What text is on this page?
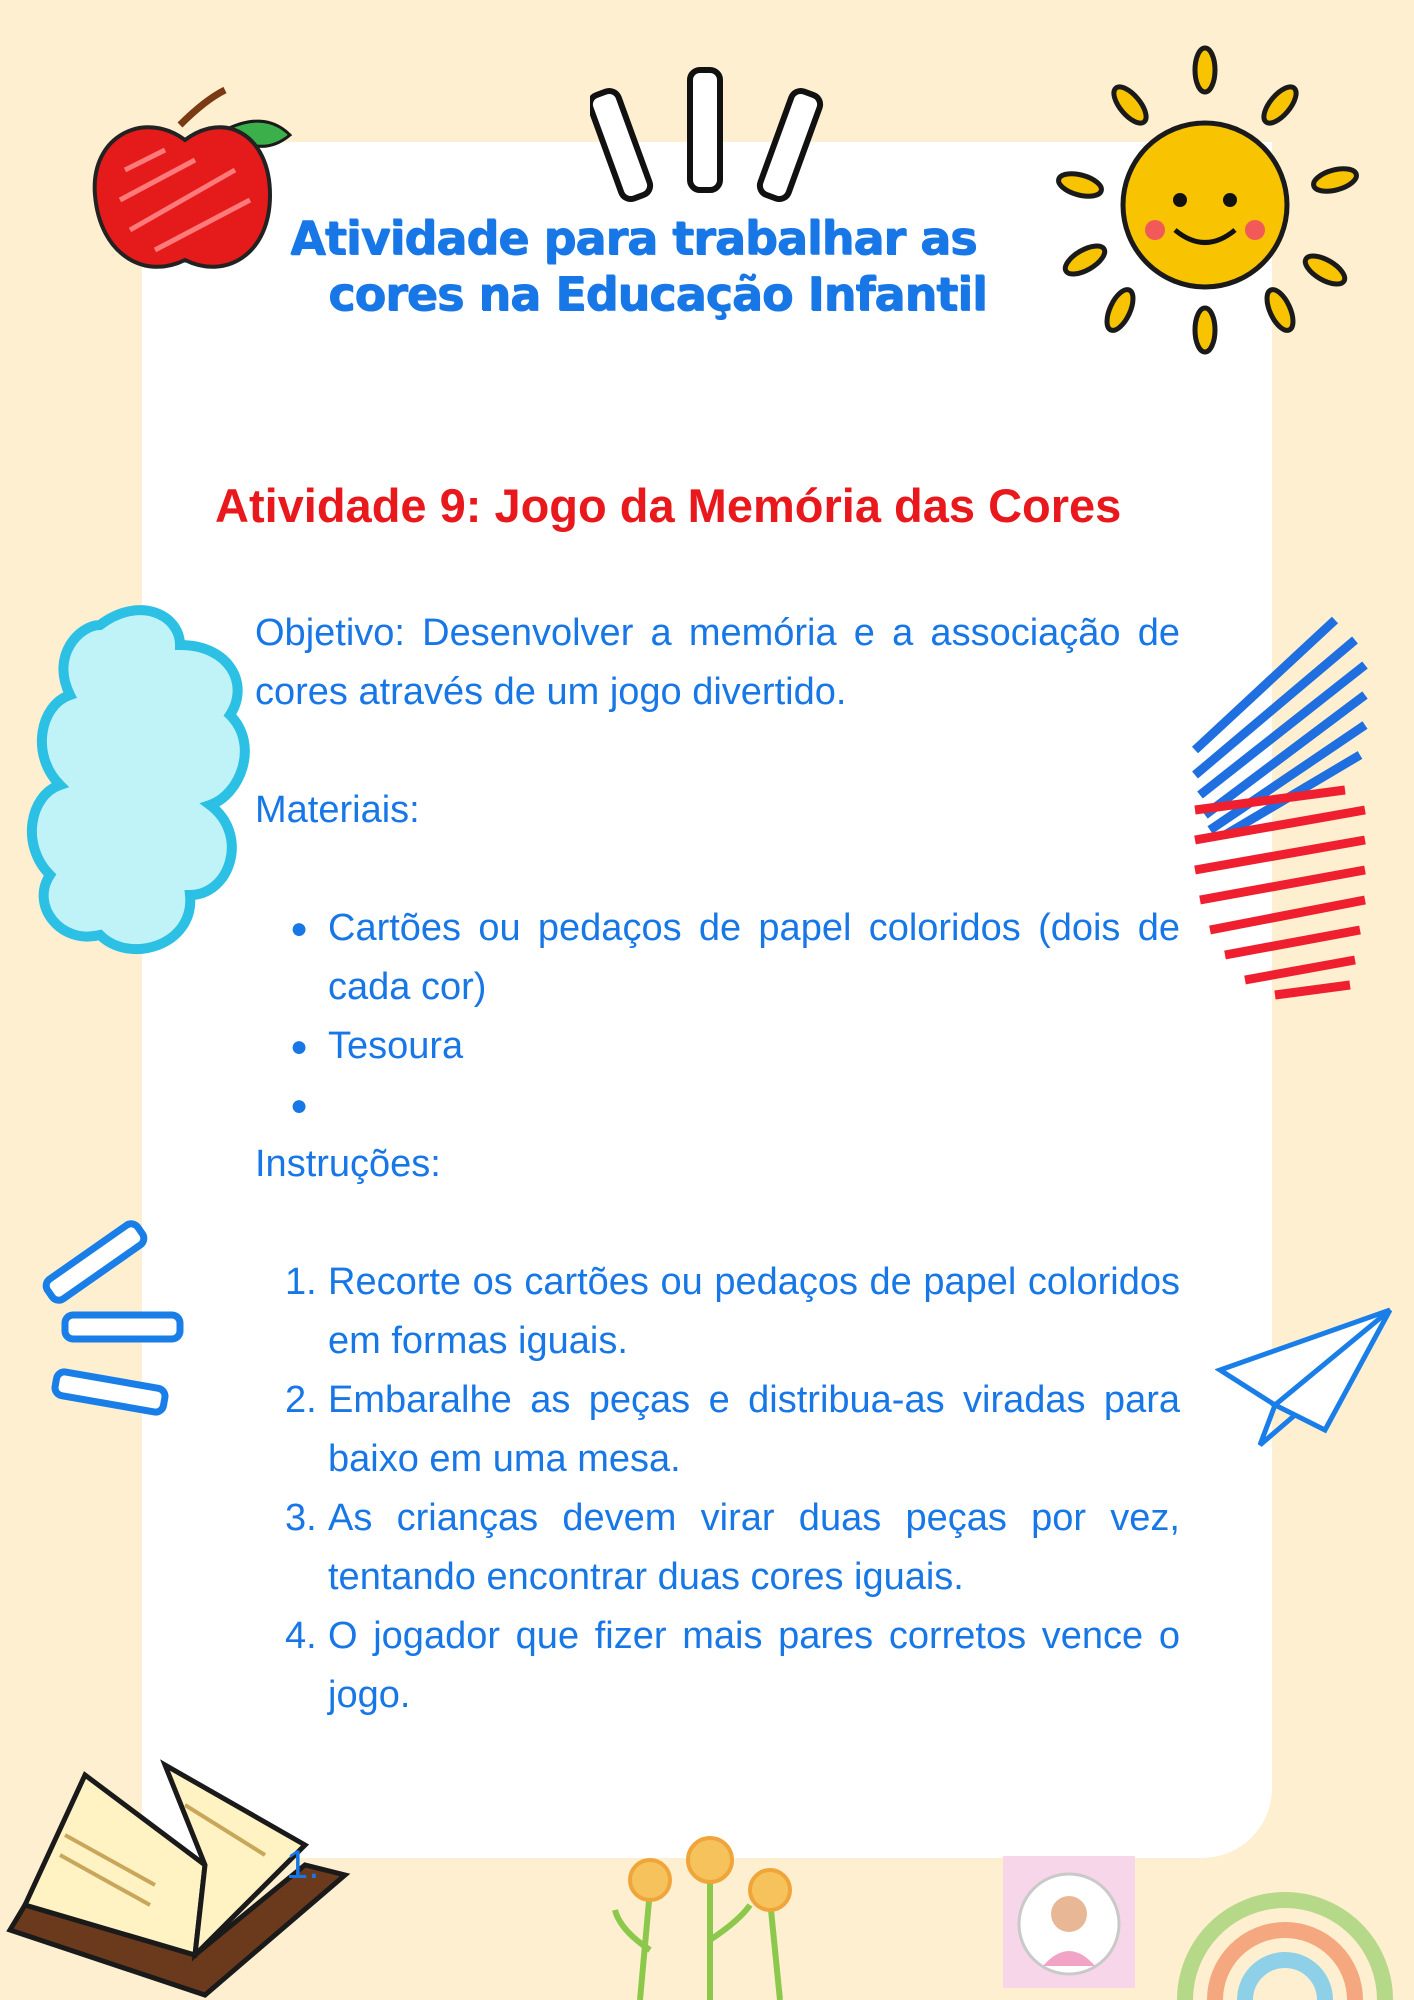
Atividade para trabalhar as
cores na Educação Infantil
Atividade 9: Jogo da Memória das Cores

Objetivo: Desenvolver a memória e a associação de cores através de um jogo divertido.

Materiais:

● Cartões ou pedaços de papel coloridos (dois de cada cor)
● Tesoura
●

Instruções:

1. Recorte os cartões ou pedaços de papel coloridos em formas iguais.
2. Embaralhe as peças e distribua-as viradas para baixo em uma mesa.
3. As crianças devem virar duas peças por vez, tentando encontrar duas cores iguais.
4. O jogador que fizer mais pares corretos vence o jogo.
1.
